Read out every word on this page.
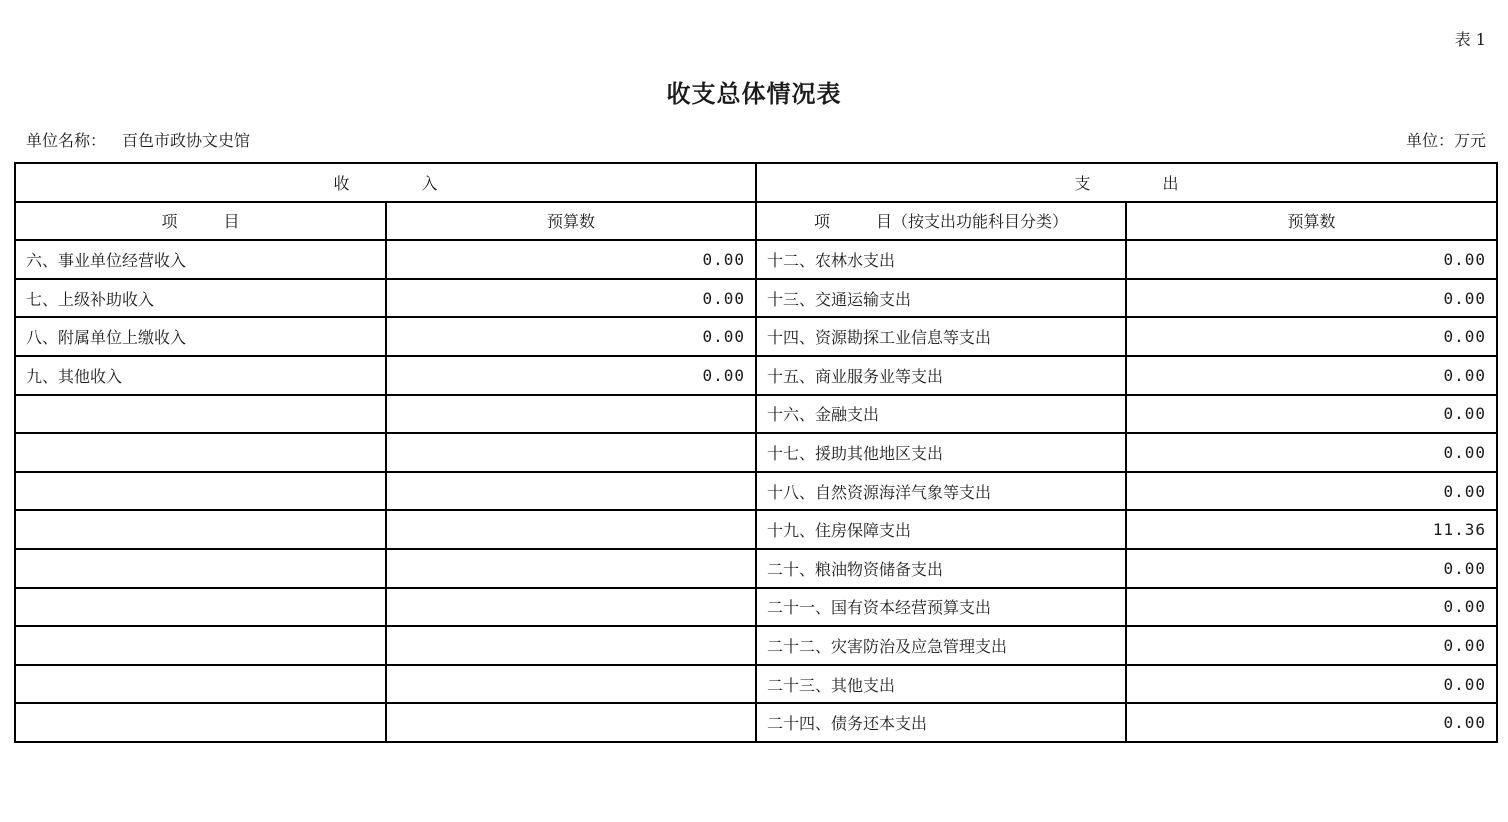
表 1
收支总体情况表
单位名称： 百色市政协文史馆	单位：万元
收 入		支 出	
项 目	预算数	项 目（按支出功能科目分类）	预算数
六、事业单位经营收入	0.00	十二、农林水支出	0.00
七、上级补助收入	0.00	十三、交通运输支出	0.00
八、附属单位上缴收入	0.00	十四、资源勘探工业信息等支出	0.00
九、其他收入	0.00	十五、商业服务业等支出	0.00
		十六、金融支出	0.00
		十七、援助其他地区支出	0.00
		十八、自然资源海洋气象等支出	0.00
		十九、住房保障支出	11.36
		二十、粮油物资储备支出	0.00
		二十一、国有资本经营预算支出	0.00
		二十二、灾害防治及应急管理支出	0.00
		二十三、其他支出	0.00
		二十四、债务还本支出	0.00
